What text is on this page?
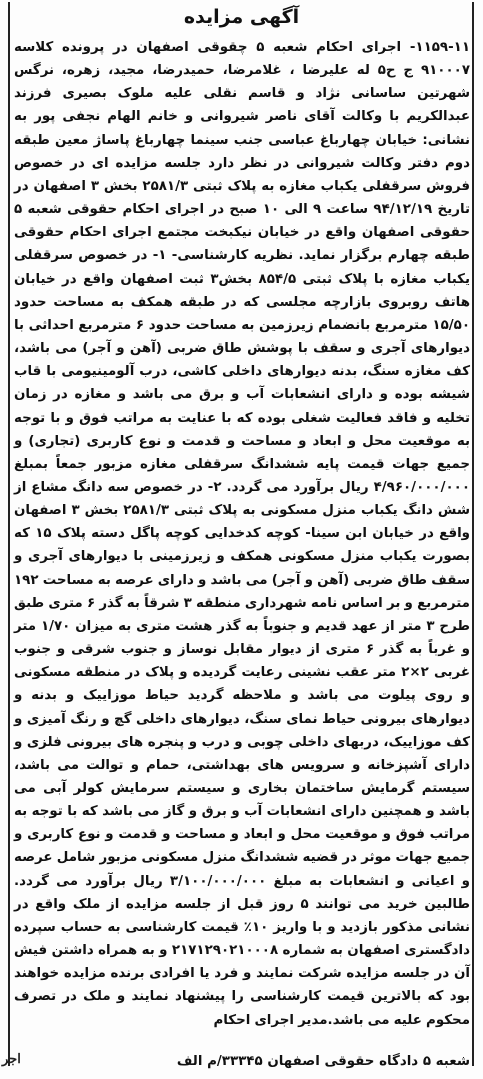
آگهی مزایده
۱۱۵۹-۱۱- اجرای احکام شعبه ۵ چقوقی اصفهان در پرونده کلاسه ۹۱۰۰۰۷ ج ح۵ له علیرضا ، غلامرضا، حمیدرضا، مجید، زهره، نرگس شهرتین ساسانی نژاد و قاسم نقلی علیه ملوک بصیری فرزند عبدالکریم با وکالت آقای ناصر شیروانی و خانم الهام نجفی پور به نشانی: خیابان چهارباغ عباسی جنب سینما چهارباغ پاساژ معین طبقه دوم دفتر وکالت شیروانی در نظر دارد جلسه مزایده ای در خصوص فروش سرقفلی یکباب مغازه به پلاک ثبتی ۲۵۸۱/۳ بخش ۳ اصفهان در تاریخ ۹۴/۱۲/۱۹ ساعت ۹ الی ۱۰ صبح در اجرای احکام حقوقی شعبه ۵ حقوقی اصفهان واقع در خیابان نیکبخت مجتمع اجرای احکام حقوقی طبقه چهارم برگزار نماید. نظریه کارشناسی- ۱- در خصوص سرقفلی یکباب مغازه با پلاک ثبتی ۸۵۴/۵ بخش۳ ثبت اصفهان واقع در خیابان هاتف روبروی بازارچه مجلسی که در طبقه همکف به مساحت حدود ۱۵/۵۰ مترمربع بانضمام زیرزمین به مساحت حدود ۶ مترمربع احداثی با دیوارهای آجری و سقف با پوشش طاق ضربی (آهن و آجر) می باشد، کف مغازه سنگ، بدنه دیوارهای داخلی کاشی، درب آلومینیومی با قاب شیشه بوده و دارای انشعابات آب و برق می باشد و مغازه در زمان تخلیه و فاقد فعالیت شغلی بوده که با عنایت به مراتب فوق و با توجه به موقعیت محل و ابعاد و مساحت و قدمت و نوع کاربری (تجاری) و جمیع جهات قیمت پایه ششدانگ سرقفلی مغازه مزبور جمعاً بمبلغ ۴/۹۶۰/۰۰۰/۰۰۰ ریال برآورد می گردد. ۲- در خصوص سه دانگ مشاع از شش دانگ یکباب منزل مسکونی به پلاک ثبتی ۲۵۸۱/۳ بخش ۳ اصفهان واقع در خیابان ابن سینا- کوچه کدخدایی کوچه پاگل دسته پلاک ۱۵ که بصورت یکباب منزل مسکونی همکف و زیرزمینی با دیوارهای آجری و سقف طاق ضربی (آهن و آجر) می باشد و دارای عرصه به مساحت ۱۹۲ مترمربع و بر اساس نامه شهرداری منطقه ۳ شرقاً به گذر ۶ متری طبق طرح ۳ متر از عهد قدیم و جنوباً به گذر هشت متری به میزان ۱/۷۰ متر و غرباً به گذر ۶ متری از دیوار مقابل نوساز و جنوب شرقی و جنوب غربی ۲×۲ متر عقب نشینی رعایت گردیده و پلاک در منطقه مسکونی و روی پیلوت می باشد و ملاحظه گردید حیاط موزاییک و بدنه و دیوارهای بیرونی حیاط نمای سنگ، دیوارهای داخلی گچ و رنگ آمیزی و کف موزاییک، دربهای داخلی چوبی و درب و پنجره های بیرونی فلزی و دارای آشپزخانه و سرویس های بهداشتی، حمام و توالت می باشد، سیستم گرمایش ساختمان بخاری و سیستم سرمایش کولر آبی می باشد و همچنین دارای انشعابات آب و برق و گاز می باشد که با توجه به مراتب فوق و موقعیت محل و ابعاد و مساحت و قدمت و نوع کاربری و جمیع جهات موثر در قضیه ششدانگ منزل مسکونی مزبور شامل عرصه و اعیانی و انشعابات به مبلغ ۳/۱۰۰/۰۰۰/۰۰۰ ریال برآورد می گردد. طالبین خرید می توانند ۵ روز قبل از جلسه مزایده از ملک واقع در نشانی مذکور بازدید و با واریز ۱۰٪ قیمت کارشناسی به حساب سپرده دادگستری اصفهان به شماره ۲۱۷۱۲۹۰۲۱۰۰۰۸ و به همراه داشتن فیش آن در جلسه مزایده شرکت نمایند و فرد یا افرادی برنده مزایده خواهند بود که بالاترین قیمت کارشناسی را پیشنهاد نمایند و ملک در تصرف محکوم علیه می باشد.مدیر اجرای احکام
شعبه ۵ دادگاه حقوقی اصفهان ۳۳۳۴۵/م الف
اجر
